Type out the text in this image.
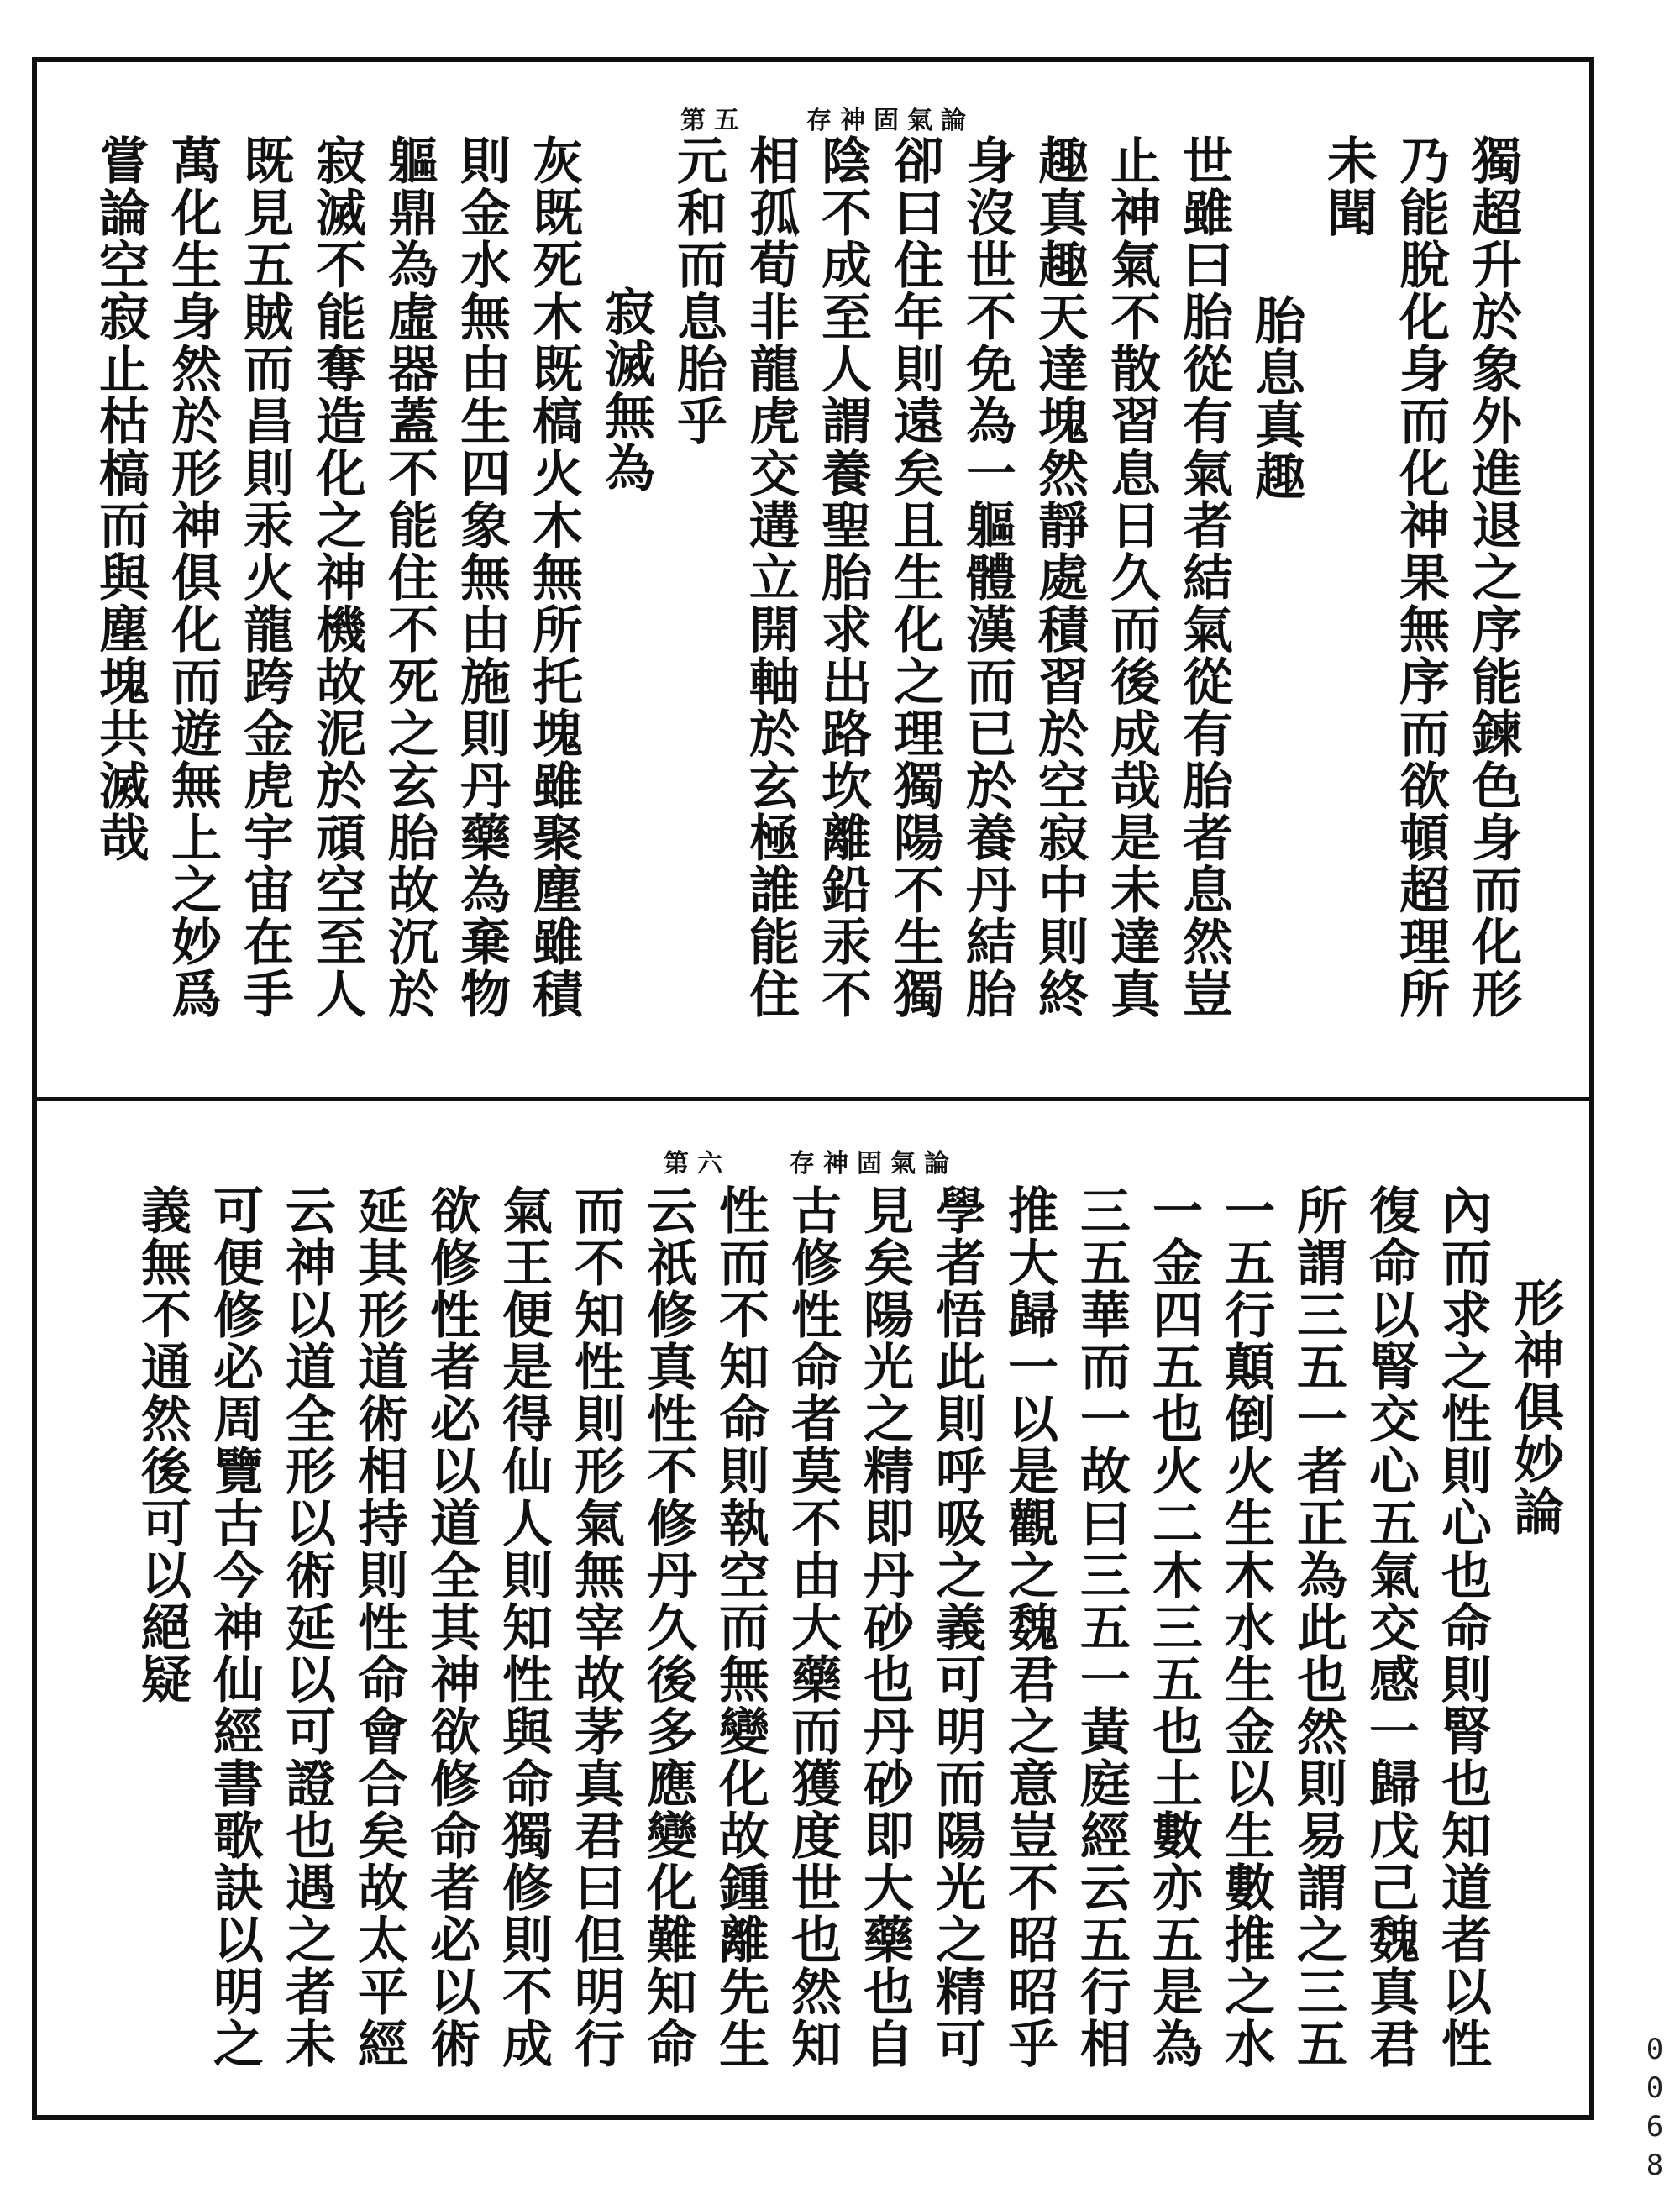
第五 存神固氣論
獨超升於象外進退之序能鍊色身而化形
乃能脫化身而化神果無序而欲頓超理所
未聞
胎息真趣
世雖曰胎從有氣者結氣從有胎者息然豈
止神氣不散習息日久而後成哉是未達真
趣真趣天達塊然靜處積習於空寂中則終
身沒世不免為一軀體漢而已於養丹結胎
卻曰住年則遠矣且生化之理獨陽不生獨
陰不成至人謂養聖胎求出路坎離鉛汞不
相孤荀非龍虎交遘立開軸於玄極誰能住
元和而息胎乎
寂滅無為
灰既死木既槁火木無所托塊雖聚塵雖積
則金水無由生四象無由施則丹藥為棄物
軀鼎為虛器蓋不能住不死之玄胎故沉於
寂滅不能奪造化之神機故泥於頑空至人
既見五賊而昌則汞火龍跨金虎宇宙在手
萬化生身然於形神俱化而遊無上之妙爲
嘗論空寂止枯槁而與塵塊共滅哉
第六 存神固氣論
形神俱妙論
內而求之性則心也命則腎也知道者以性
復命以腎交心五氣交感一歸戊己魏真君
所謂三五一者正為此也然則易謂之三五
一五行顛倒火生木水生金以生數推之水
一金四五也火二木三五也土數亦五是為
三五華而一故曰三五一黃庭經云五行相
推大歸一以是觀之魏君之意豈不昭昭乎
學者悟此則呼吸之義可明而陽光之精可
見矣陽光之精即丹砂也丹砂即大藥也自
古修性命者莫不由大藥而獲度世也然知
性而不知命則執空而無變化故鍾離先生
云祇修真性不修丹久後多應變化難知命
而不知性則形氣無宰故茅真君曰但明行
氣王便是得仙人則知性與命獨修則不成
欲修性者必以道全其神欲修命者必以術
延其形道術相持則性命會合矣故太平經
云神以道全形以術延以可證也遇之者未
可便修必周覽古今神仙經書歌訣以明之
義無不通然後可以絕疑
0068
